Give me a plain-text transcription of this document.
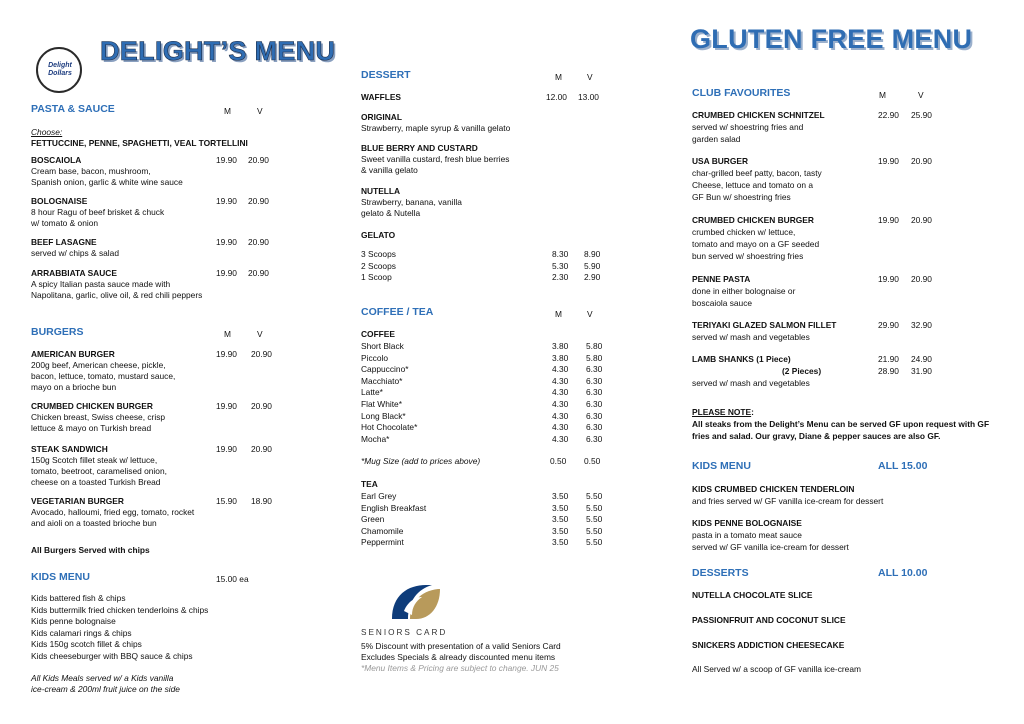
Delight Dollars
DELIGHT’S MENU	GLUTEN FREE MENU
PASTA & SAUCE	M	V
Choose:
FETTUCCINE, PENNE, SPAGHETTI, VEAL TORTELLINI
BOSCAIOLA	19.90 20.90
Cream base, bacon, mushroom,
Spanish onion, garlic & white wine sauce
BOLOGNAISE	19.90 20.90
8 hour Ragu of beef brisket & chuck
w/ tomato & onion
BEEF LASAGNE	19.90 20.90
served w/ chips & salad
ARRABBIATA SAUCE	19.90 20.90
A spicy Italian pasta sauce made with
Napolitana, garlic, olive oil, & red chili peppers
BURGERS	M	V
AMERICAN BURGER	19.90 20.90
200g beef, American cheese, pickle,
bacon, lettuce, tomato, mustard sauce,
mayo on a brioche bun
CRUMBED CHICKEN BURGER	19.90 20.90
Chicken breast, Swiss cheese, crisp
lettuce & mayo on Turkish bread
STEAK SANDWICH	19.90 20.90
150g Scotch fillet steak w/ lettuce,
tomato, beetroot, caramelised onion,
cheese on a toasted Turkish Bread
VEGETARIAN BURGER	15.90 18.90
Avocado, halloumi, fried egg, tomato, rocket
and aioli on a toasted brioche bun
All Burgers Served with chips
KIDS MENU	15.00 ea
Kids battered fish & chips
Kids buttermilk fried chicken tenderloins & chips
Kids penne bolognaise
Kids calamari rings & chips
Kids 150g scotch fillet & chips
Kids cheeseburger with BBQ sauce & chips
All Kids Meals served w/ a Kids vanilla
ice-cream & 200ml fruit juice on the side
DESSERT	M	V
WAFFLES	12.00 13.00
ORIGINAL
Strawberry, maple syrup & vanilla gelato
BLUE BERRY AND CUSTARD
Sweet vanilla custard, fresh blue berries
& vanilla gelato
NUTELLA
Strawberry, banana, vanilla
gelato & Nutella
GELATO
3 Scoops	8.30 8.90
2 Scoops	5.30 5.90
1 Scoop	2.30 2.90
COFFEE / TEA	M	V
COFFEE
Short Black	3.80 5.80
Piccolo	3.80 5.80
Cappuccino*	4.30 6.30
Macchiato*	4.30 6.30
Latte*	4.30 6.30
Flat White*	4.30 6.30
Long Black*	4.30 6.30
Hot Chocolate*	4.30 6.30
Mocha*	4.30 6.30
*Mug Size (add to prices above)	0.50 0.50
TEA
Earl Grey	3.50 5.50
English Breakfast	3.50 5.50
Green	3.50 5.50
Chamomile	3.50 5.50
Peppermint	3.50 5.50
SENIORS CARD
5% Discount with presentation of a valid Seniors Card
Excludes Specials & already discounted menu items
*Menu Items & Pricing are subject to change. JUN 25
CLUB FAVOURITES	M	V
CRUMBED CHICKEN SCHNITZEL	22.90 25.90
served w/ shoestring fries and
garden salad
USA BURGER	19.90 20.90
char-grilled beef patty, bacon, tasty
Cheese, lettuce and tomato on a
GF Bun w/ shoestring fries
CRUMBED CHICKEN BURGER	19.90 20.90
crumbed chicken w/ lettuce,
tomato and mayo on a GF seeded
bun served w/ shoestring fries
PENNE PASTA	19.90 20.90
done in either bolognaise or
boscaiola sauce
TERIYAKI GLAZED SALMON FILLET	29.90 32.90
served w/ mash and vegetables
LAMB SHANKS (1 Piece)	21.90 24.90
(2 Pieces)	28.90 31.90
served w/ mash and vegetables
PLEASE NOTE:
All steaks from the Delight’s Menu can be served GF upon request with GF
fries and salad. Our gravy, Diane & pepper sauces are also GF.
KIDS MENU	ALL 15.00
KIDS CRUMBED CHICKEN TENDERLOIN
and fries served w/ GF vanilla ice-cream for dessert
KIDS PENNE BOLOGNAISE
pasta in a tomato meat sauce
served w/ GF vanilla ice-cream for dessert
DESSERTS	ALL 10.00
NUTELLA CHOCOLATE SLICE
PASSIONFRUIT AND COCONUT SLICE
SNICKERS ADDICTION CHEESECAKE
All Served w/ a scoop of GF vanilla ice-cream
